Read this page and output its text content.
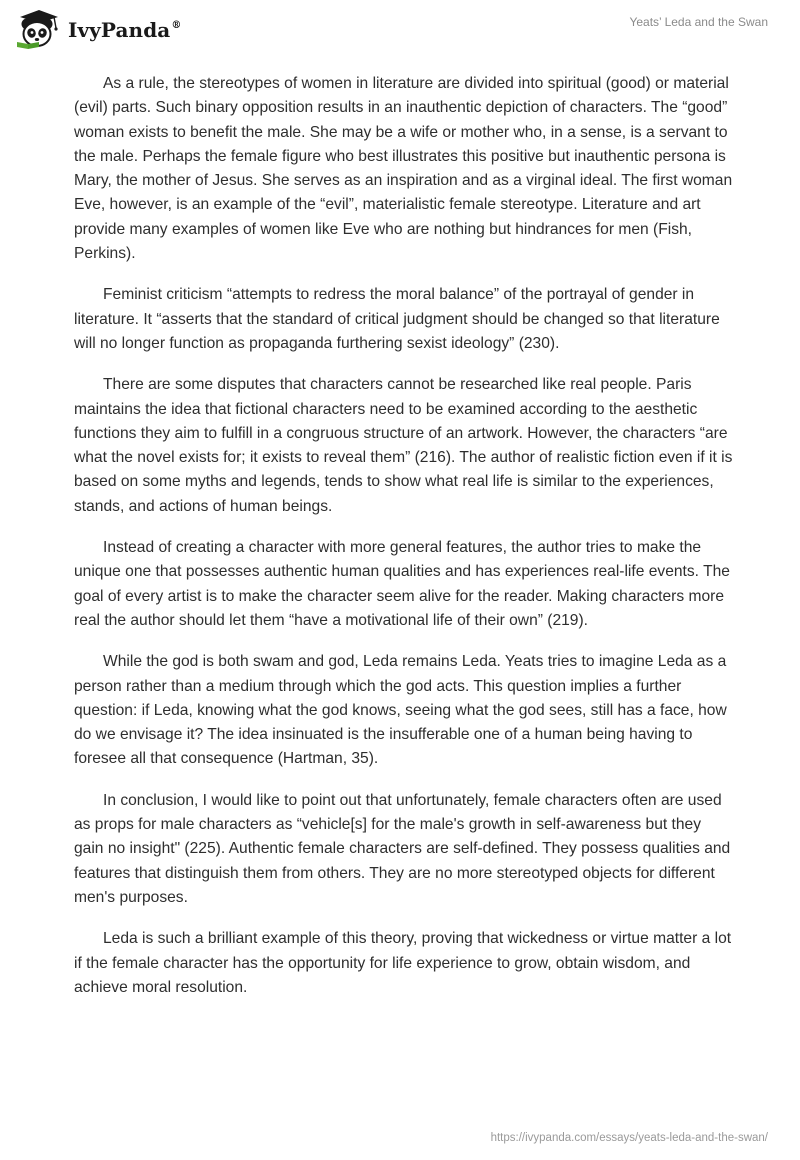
IvyPanda®	Yeats’ Leda and the Swan

As a rule, the stereotypes of women in literature are divided into spiritual (good) or material (evil) parts. Such binary opposition results in an inauthentic depiction of characters. The “good” woman exists to benefit the male. She may be a wife or mother who, in a sense, is a servant to the male. Perhaps the female figure who best illustrates this positive but inauthentic persona is Mary, the mother of Jesus. She serves as an inspiration and as a virginal ideal. The first woman Eve, however, is an example of the “evil”, materialistic female stereotype. Literature and art provide many examples of women like Eve who are nothing but hindrances for men (Fish, Perkins).

Feminist criticism “attempts to redress the moral balance” of the portrayal of gender in literature. It “asserts that the standard of critical judgment should be changed so that literature will no longer function as propaganda furthering sexist ideology” (230).

There are some disputes that characters cannot be researched like real people. Paris maintains the idea that fictional characters need to be examined according to the aesthetic functions they aim to fulfill in a congruous structure of an artwork. However, the characters “are what the novel exists for; it exists to reveal them” (216). The author of realistic fiction even if it is based on some myths and legends, tends to show what real life is similar to the experiences, stands, and actions of human beings.

Instead of creating a character with more general features, the author tries to make the unique one that possesses authentic human qualities and has experiences real-life events. The goal of every artist is to make the character seem alive for the reader. Making characters more real the author should let them “have a motivational life of their own” (219).

While the god is both swam and god, Leda remains Leda. Yeats tries to imagine Leda as a person rather than a medium through which the god acts. This question implies a further question: if Leda, knowing what the god knows, seeing what the god sees, still has a face, how do we envisage it? The idea insinuated is the insufferable one of a human being having to foresee all that consequence (Hartman, 35).

In conclusion, I would like to point out that unfortunately, female characters often are used as props for male characters as “vehicle[s] for the male's growth in self-awareness but they gain no insight" (225). Authentic female characters are self-defined. They possess qualities and features that distinguish them from others. They are no more stereotyped objects for different men's purposes.

Leda is such a brilliant example of this theory, proving that wickedness or virtue matter a lot if the female character has the opportunity for life experience to grow, obtain wisdom, and achieve moral resolution.

https://ivypanda.com/essays/yeats-leda-and-the-swan/
